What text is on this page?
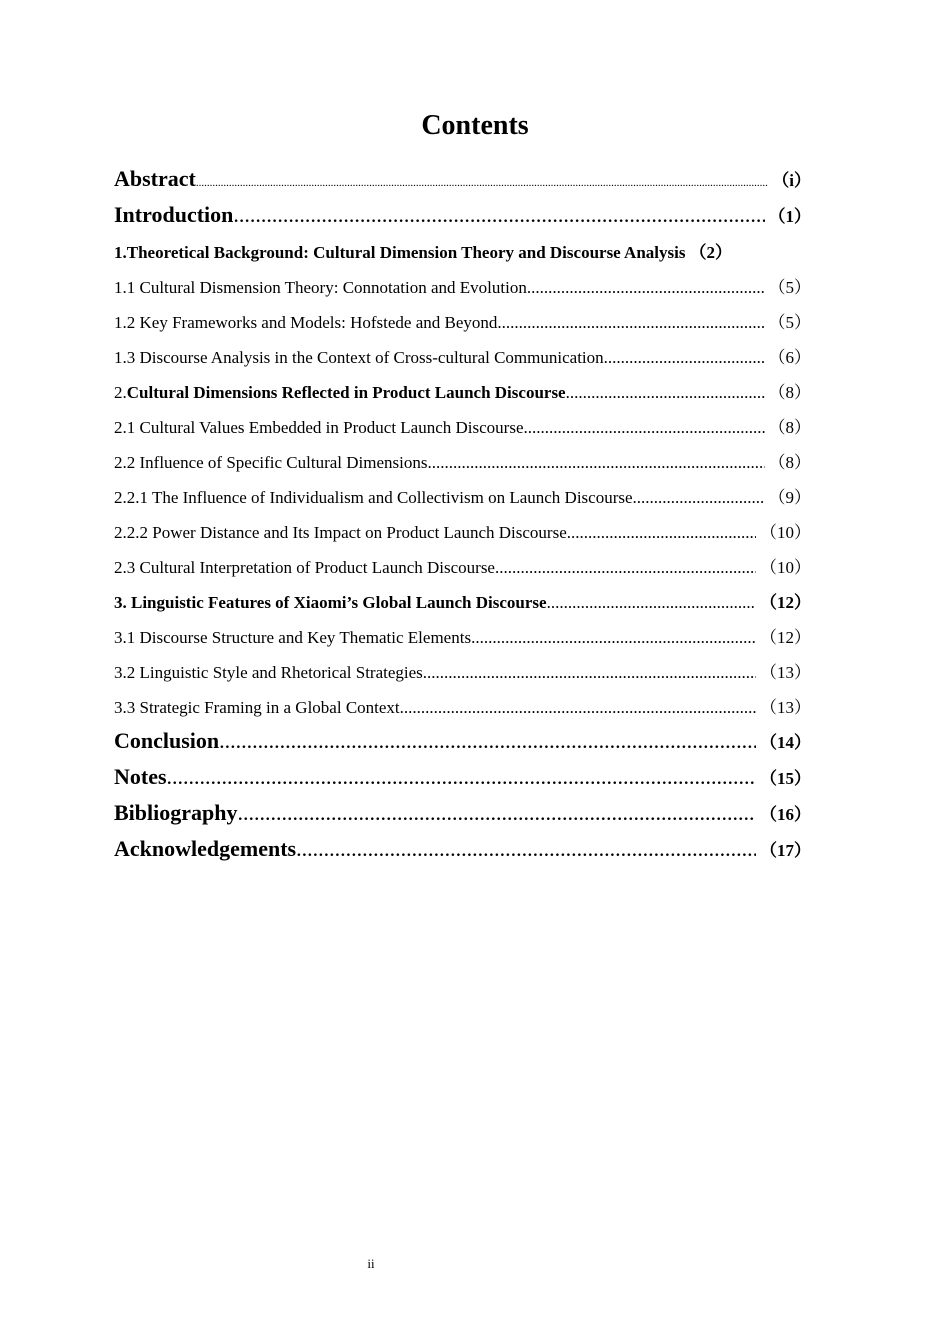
Contents
Abstract .....	（i）
Introduction .....	（1）
1.Theoretical Background: Cultural Dimension Theory and Discourse Analysis （2）
1.1 Cultural Dismension Theory: Connotation and Evolution .....	（5）
1.2 Key Frameworks and Models: Hofstede and Beyond .....	（5）
1.3 Discourse Analysis in the Context of Cross-cultural Communication .....	（6）
2. Cultural Dimensions Reflected in Product Launch Discourse .....	（8）
2.1 Cultural Values Embedded in Product Launch Discourse .....	（8）
2.2 Influence of Specific Cultural Dimensions .....	（8）
2.2.1 The Influence of Individualism and Collectivism on Launch Discourse .....	（9）
2.2.2 Power Distance and Its Impact on Product Launch Discourse .....	（10）
2.3 Cultural Interpretation of Product Launch Discourse .....	（10）
3. Linguistic Features of Xiaomi’s Global Launch Discourse .....	（12）
3.1 Discourse Structure and Key Thematic Elements .....	（12）
3.2 Linguistic Style and Rhetorical Strategies .....	（13）
3.3 Strategic Framing in a Global Context .....	（13）
Conclusion .....	（14）
Notes .....	（15）
Bibliography .....	（16）
Acknowledgements .....	（17）
ii
